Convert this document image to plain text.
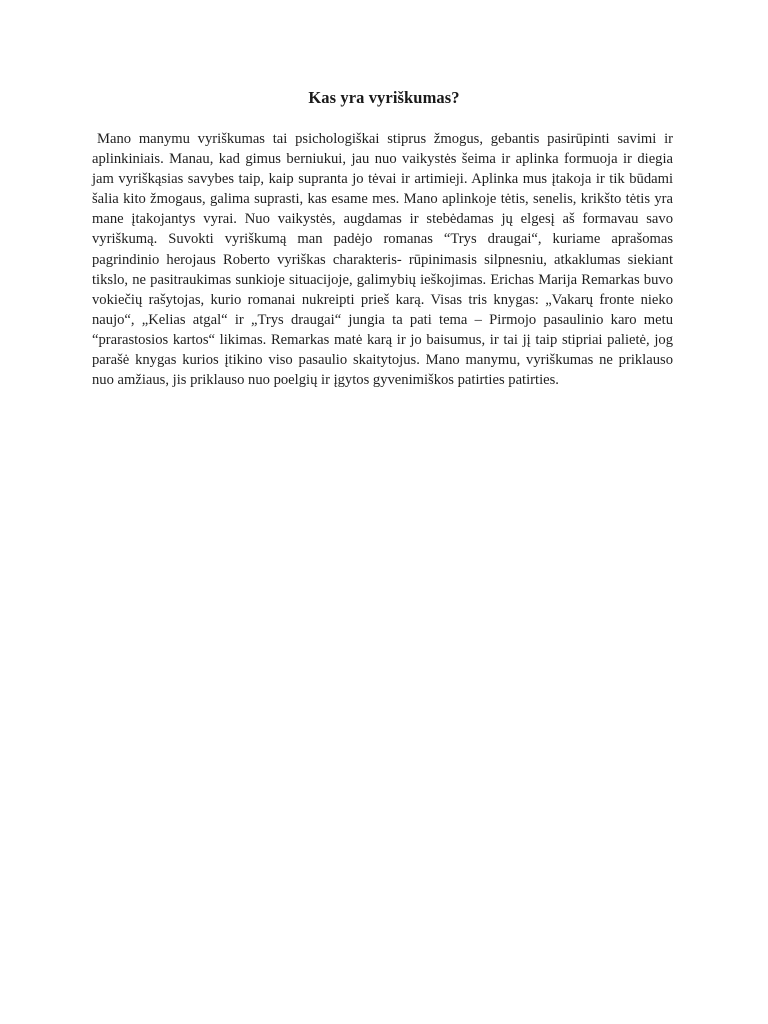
Kas yra vyriškumas?

Mano manymu vyriškumas tai psichologiškai stiprus žmogus, gebantis pasirūpinti savimi ir aplinkiniais. Manau, kad gimus berniukui, jau nuo vaikystės šeima ir aplinka formuoja ir diegia jam vyriškąsias savybes taip, kaip supranta jo tėvai ir artimieji. Aplinka mus įtakoja ir tik būdami šalia kito žmogaus, galima suprasti, kas esame mes. Mano aplinkoje tėtis, senelis, krikšto tėtis yra mane įtakojantys vyrai. Nuo vaikystės, augdamas ir stebėdamas jų elgesį aš formavau savo vyriškumą. Suvokti vyriškumą man padėjo romanas “Trys draugai“, kuriame aprašomas pagrindinio herojaus Roberto vyriškas charakteris- rūpinimasis silpnesniu, atkaklumas siekiant tikslo, ne pasitraukimas sunkioje situacijoje, galimybių ieškojimas. Erichas Marija Remarkas buvo vokiečių rašytojas, kurio romanai nukreipti prieš karą. Visas tris knygas: „Vakarų fronte nieko naujo“, „Kelias atgal“ ir „Trys draugai“ jungia ta pati tema – Pirmojo pasaulinio karo metu “prarastosios kartos“ likimas. Remarkas matė karą ir jo baisumus, ir tai jį taip stipriai palietė, jog parašė knygas kurios įtikino viso pasaulio skaitytojus. Mano manymu, vyriškumas ne priklauso nuo amžiaus, jis priklauso nuo poelgių ir įgytos gyvenimiškos patirties patirties.
